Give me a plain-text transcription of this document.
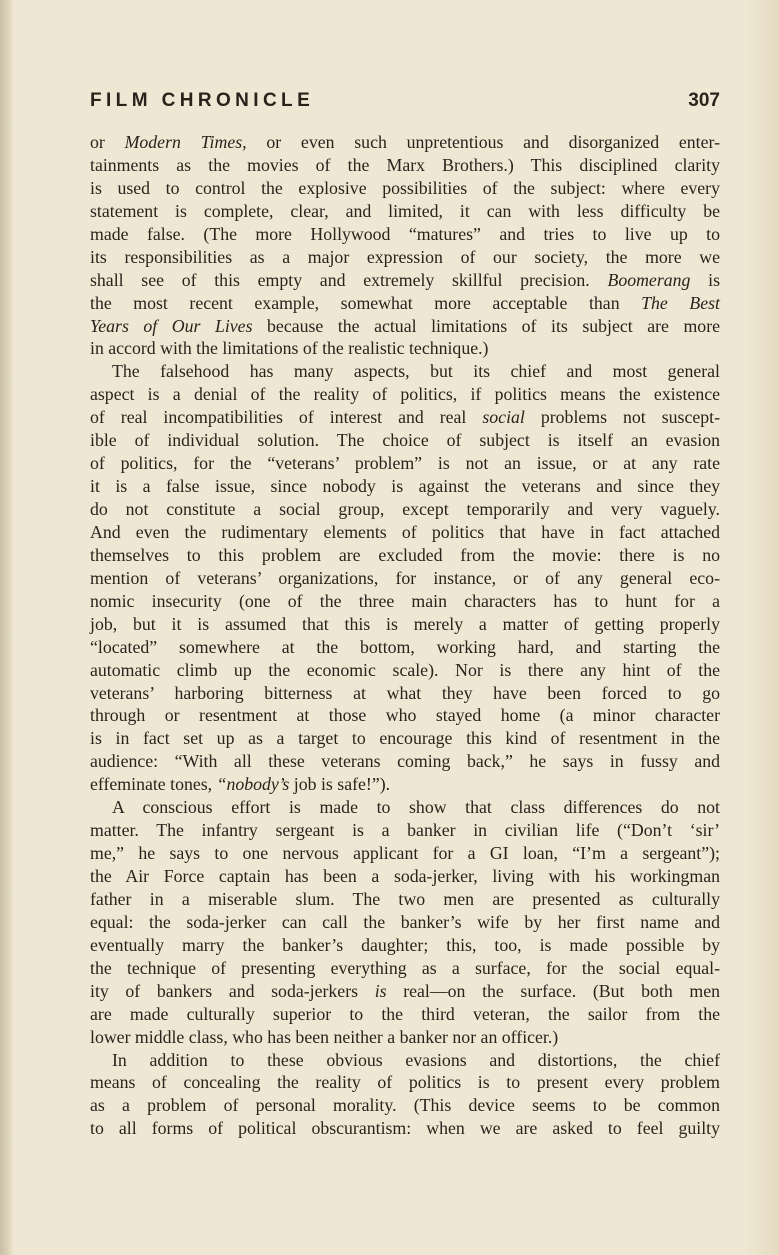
FILM CHRONICLE	307
or Modern Times, or even such unpretentious and disorganized enter-
tainments as the movies of the Marx Brothers.) This disciplined clarity
is used to control the explosive possibilities of the subject: where every
statement is complete, clear, and limited, it can with less difficulty be
made false. (The more Hollywood “matures” and tries to live up to
its responsibilities as a major expression of our society, the more we
shall see of this empty and extremely skillful precision. Boomerang is
the most recent example, somewhat more acceptable than The Best
Years of Our Lives because the actual limitations of its subject are more
in accord with the limitations of the realistic technique.)
The falsehood has many aspects, but its chief and most general
aspect is a denial of the reality of politics, if politics means the existence
of real incompatibilities of interest and real social problems not suscept-
ible of individual solution. The choice of subject is itself an evasion
of politics, for the “veterans’ problem” is not an issue, or at any rate
it is a false issue, since nobody is against the veterans and since they
do not constitute a social group, except temporarily and very vaguely.
And even the rudimentary elements of politics that have in fact attached
themselves to this problem are excluded from the movie: there is no
mention of veterans’ organizations, for instance, or of any general eco-
nomic insecurity (one of the three main characters has to hunt for a
job, but it is assumed that this is merely a matter of getting properly
“located” somewhere at the bottom, working hard, and starting the
automatic climb up the economic scale). Nor is there any hint of the
veterans’ harboring bitterness at what they have been forced to go
through or resentment at those who stayed home (a minor character
is in fact set up as a target to encourage this kind of resentment in the
audience: “With all these veterans coming back,” he says in fussy and
effeminate tones, “nobody’s job is safe!”).
A conscious effort is made to show that class differences do not
matter. The infantry sergeant is a banker in civilian life (“Don’t ‘sir’
me,” he says to one nervous applicant for a GI loan, “I’m a sergeant”);
the Air Force captain has been a soda-jerker, living with his workingman
father in a miserable slum. The two men are presented as culturally
equal: the soda-jerker can call the banker’s wife by her first name and
eventually marry the banker’s daughter; this, too, is made possible by
the technique of presenting everything as a surface, for the social equal-
ity of bankers and soda-jerkers is real—on the surface. (But both men
are made culturally superior to the third veteran, the sailor from the
lower middle class, who has been neither a banker nor an officer.)
In addition to these obvious evasions and distortions, the chief
means of concealing the reality of politics is to present every problem
as a problem of personal morality. (This device seems to be common
to all forms of political obscurantism: when we are asked to feel guilty
